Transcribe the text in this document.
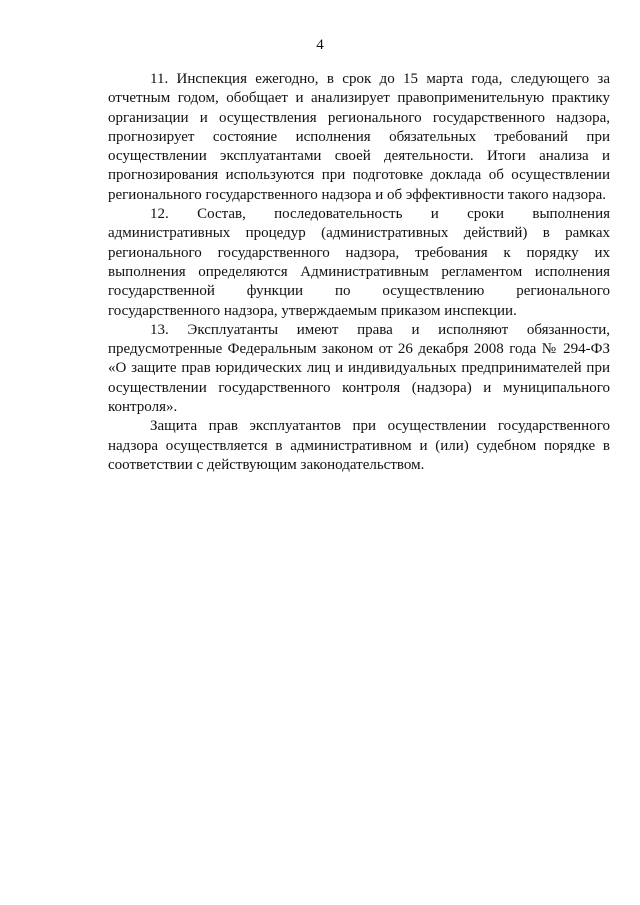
4

11. Инспекция ежегодно, в срок до 15 марта года, следующего за отчетным годом, обобщает и анализирует правоприменительную практику организации и осуществления регионального государственного надзора, прогнозирует состояние исполнения обязательных требований при осуществлении эксплуатантами своей деятельности. Итоги анализа и прогнозирования используются при подготовке доклада об осуществлении регионального государственного надзора и об эффективности такого надзора.

12. Состав, последовательность и сроки выполнения административных процедур (административных действий) в рамках регионального государственного надзора, требования к порядку их выполнения определяются Административным регламентом исполнения государственной функции по осуществлению регионального государственного надзора, утверждаемым приказом инспекции.

13. Эксплуатанты имеют права и исполняют обязанности, предусмотренные Федеральным законом от 26 декабря 2008 года № 294-ФЗ «О защите прав юридических лиц и индивидуальных предпринимателей при осуществлении государственного контроля (надзора) и муниципального контроля».

Защита прав эксплуатантов при осуществлении государственного надзора осуществляется в административном и (или) судебном порядке в соответствии с действующим законодательством.
